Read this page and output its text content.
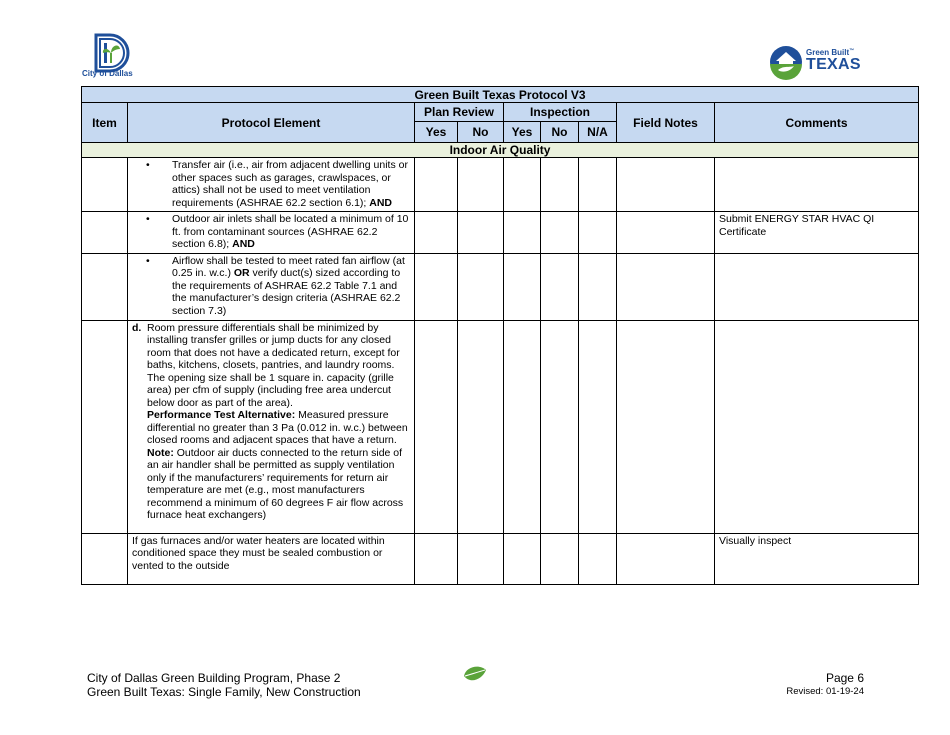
City of Dallas
Green Built™
TEXAS
Green Built Texas Protocol V3								
Item	Protocol Element	Plan Review		Inspection			Field Notes	Comments
		Yes	No	Yes	No	N/A		
Indoor Air Quality								

	• Transfer air (i.e., air from adjacent dwelling units or other spaces such as garages, crawlspaces, or attics) shall not be used to meet ventilation requirements (ASHRAE 62.2 section 6.1); AND							

	• Outdoor air inlets shall be located a minimum of 10 ft. from contaminant sources (ASHRAE 62.2 section 6.8); AND							Submit ENERGY STAR HVAC QI Certificate

	• Airflow shall be tested to meet rated fan airflow (at 0.25 in. w.c.) OR verify duct(s) sized according to the requirements of ASHRAE 62.2 Table 7.1 and the manufacturer’s design criteria (ASHRAE 62.2 section 7.3)							

	d. Room pressure differentials shall be minimized by installing transfer grilles or jump ducts for any closed room that does not have a dedicated return, except for baths, kitchens, closets, pantries, and laundry rooms. The opening size shall be 1 square in. capacity (grille area) per cfm of supply (including free area undercut below door as part of the area).
Performance Test Alternative: Measured pressure differential no greater than 3 Pa (0.012 in. w.c.) between closed rooms and adjacent spaces that have a return.
Note: Outdoor air ducts connected to the return side of an air handler shall be permitted as supply ventilation only if the manufacturers’ requirements for return air temperature are met (e.g., most manufacturers recommend a minimum of 60 degrees F air flow across furnace heat exchangers)							

	If gas furnaces and/or water heaters are located within conditioned space they must be sealed combustion or vented to the outside							Visually inspect
City of Dallas Green Building Program, Phase 2
Green Built Texas: Single Family, New Construction
Page 6
Revised: 01-19-24
